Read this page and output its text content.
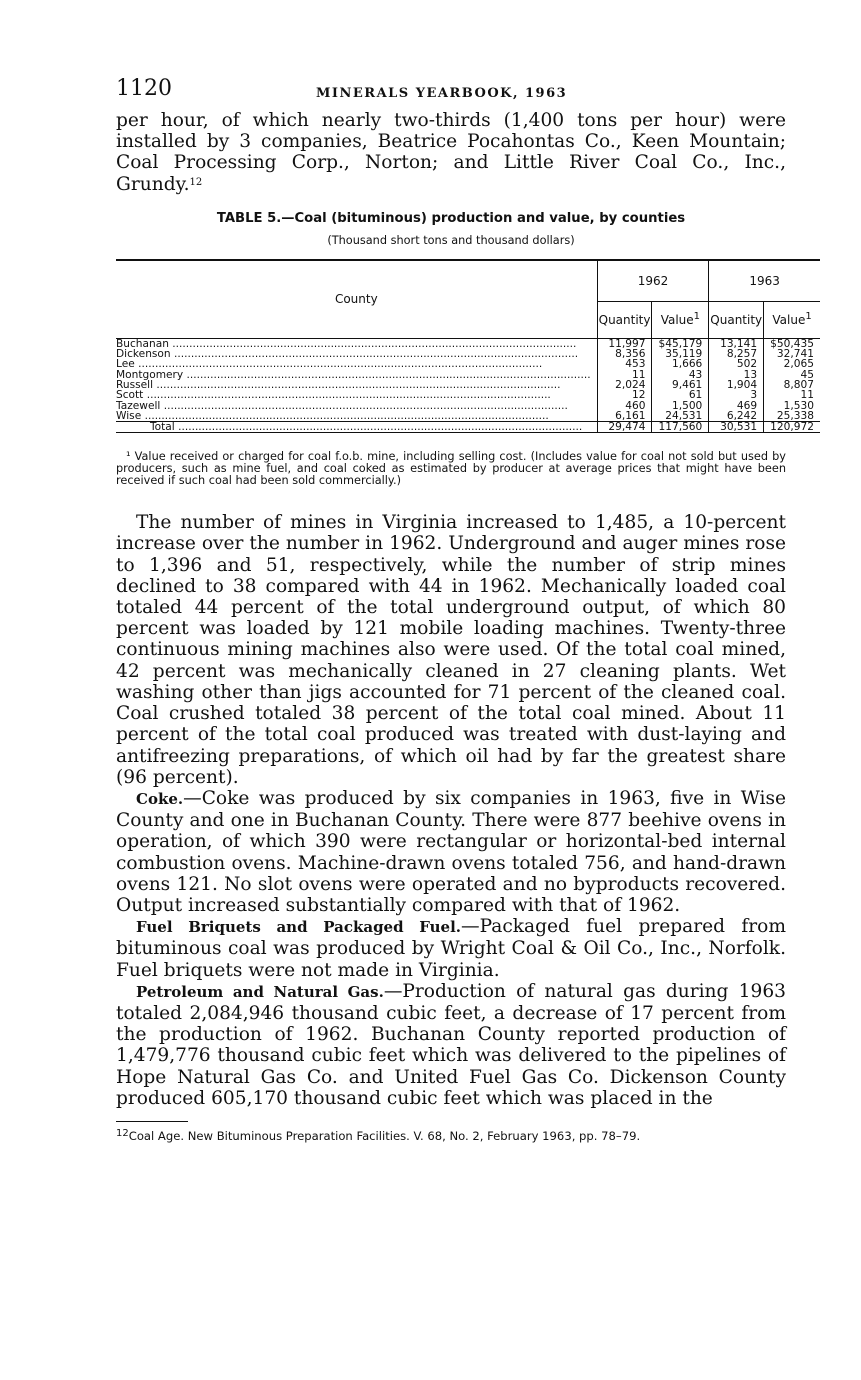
1120	MINERALS YEARBOOK, 1963

per hour, of which nearly two-thirds (1,400 tons per hour) were installed by 3 companies, Beatrice Pocahontas Co., Keen Mountain; Coal Processing Corp., Norton; and Little River Coal Co., Inc., Grundy.$^{12}$

TABLE 5.—Coal (bituminous) production and value, by counties
(Thousand short tons and thousand dollars)
County	1962		1963	
	Quantity	Value$^1$	Quantity	Value$^1$
Buchanan ........................................................................................................................	11,997	$45,179	13,141	$50,435
Dickenson ........................................................................................................................	8,356	35,119	8,257	32,741
Lee ........................................................................................................................	453	1,666	502	2,065
Montgomery ........................................................................................................................	11	43	13	45
Russell ........................................................................................................................	2,024	9,461	1,904	8,807
Scott ........................................................................................................................	12	61	3	11
Tazewell ........................................................................................................................	460	1,500	469	1,530
Wise ........................................................................................................................	6,161	24,531	6,242	25,338
Total ........................................................................................................................	29,474	117,560	30,531	120,972

¹ Value received or charged for coal f.o.b. mine, including selling cost. (Includes value for coal not sold but used by producers, such as mine fuel, and coal coked as estimated by producer at average prices that might have been received if such coal had been sold commercially.)

The number of mines in Virginia increased to 1,485, a 10-percent increase over the number in 1962. Underground and auger mines rose to 1,396 and 51, respectively, while the number of strip mines declined to 38 compared with 44 in 1962. Mechanically loaded coal totaled 44 percent of the total underground output, of which 80 percent was loaded by 121 mobile loading machines. Twenty-three continuous mining machines also were used. Of the total coal mined, 42 percent was mechanically cleaned in 27 cleaning plants. Wet washing other than jigs accounted for 71 percent of the cleaned coal. Coal crushed totaled 38 percent of the total coal mined. About 11 percent of the total coal produced was treated with dust-laying and antifreezing preparations, of which oil had by far the greatest share (96 percent).

Coke.—Coke was produced by six companies in 1963, five in Wise County and one in Buchanan County. There were 877 beehive ovens in operation, of which 390 were rectangular or horizontal-bed internal combustion ovens. Machine-drawn ovens totaled 756, and hand-drawn ovens 121. No slot ovens were operated and no byproducts recovered. Output increased substantially compared with that of 1962.

Fuel Briquets and Packaged Fuel.—Packaged fuel prepared from bituminous coal was produced by Wright Coal & Oil Co., Inc., Norfolk. Fuel briquets were not made in Virginia.

Petroleum and Natural Gas.—Production of natural gas during 1963 totaled 2,084,946 thousand cubic feet, a decrease of 17 percent from the production of 1962. Buchanan County reported production of 1,479,776 thousand cubic feet which was delivered to the pipelines of Hope Natural Gas Co. and United Fuel Gas Co. Dickenson County produced 605,170 thousand cubic feet which was placed in the

$^{12}$Coal Age. New Bituminous Preparation Facilities. V. 68, No. 2, February 1963, pp. 78–79.
